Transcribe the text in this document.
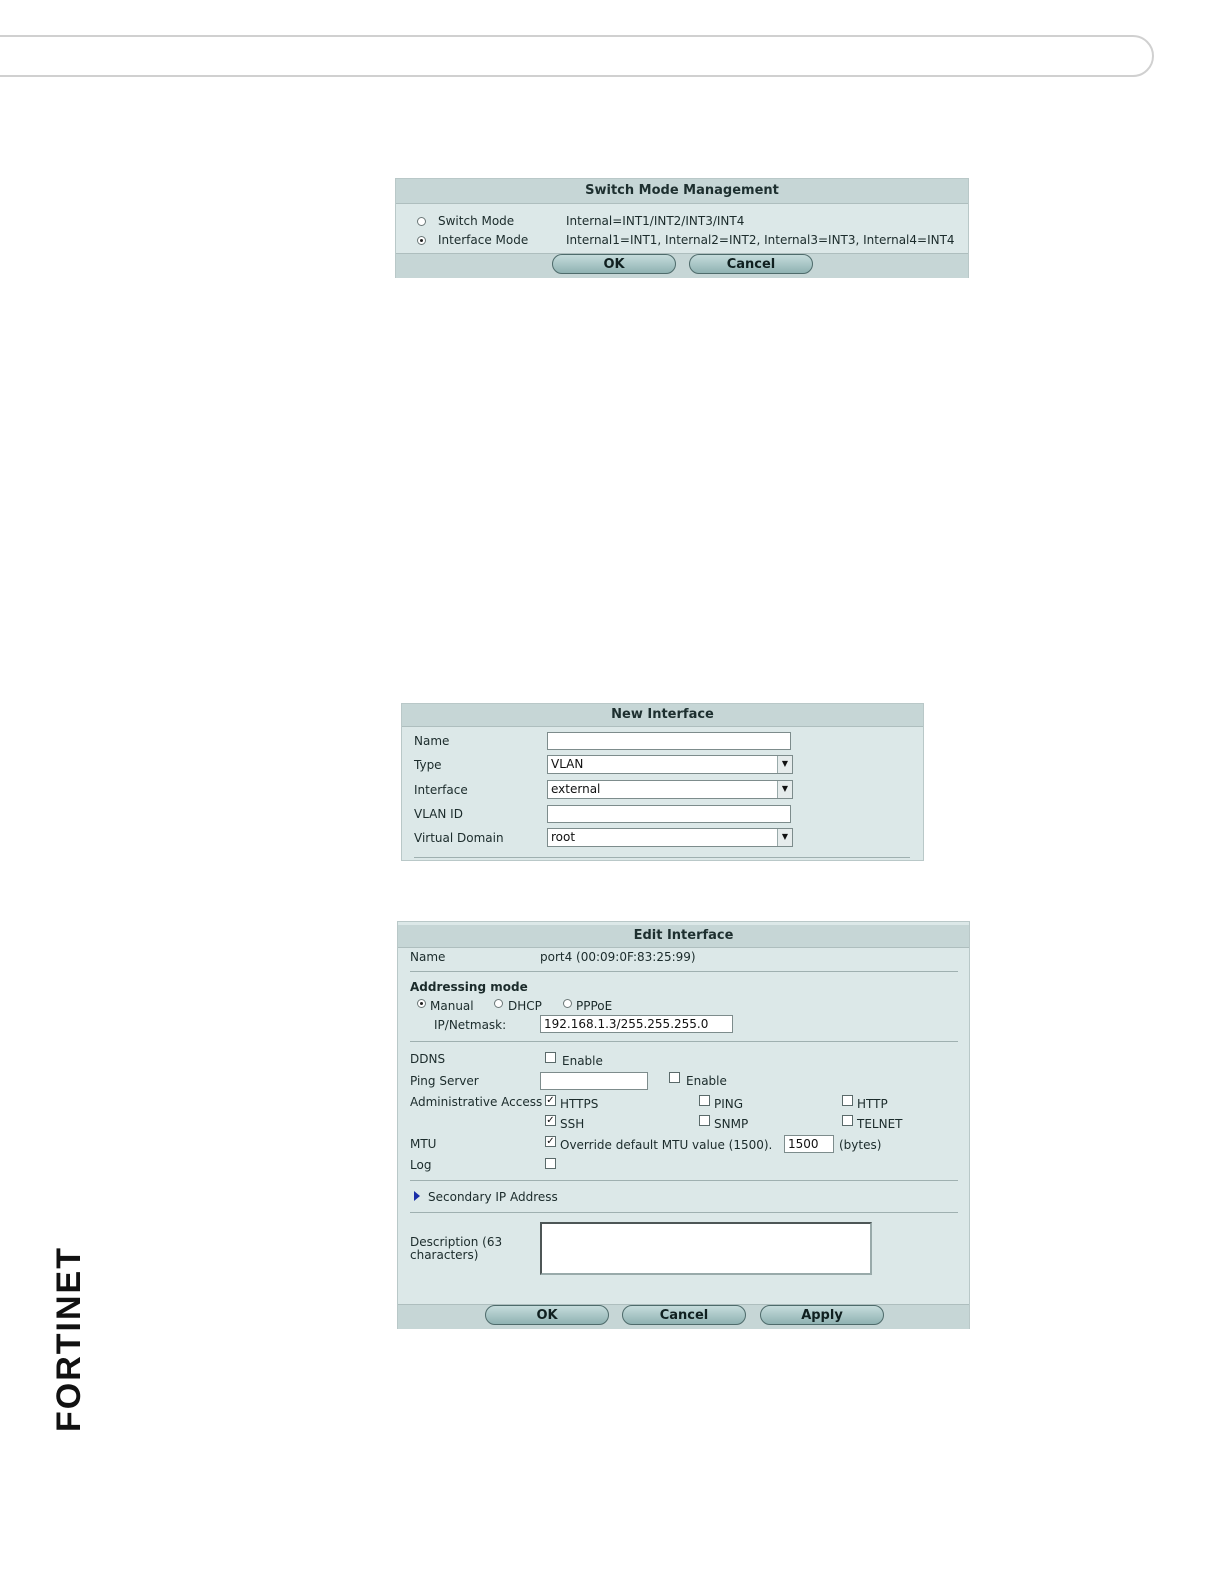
Switch Mode Management
Switch Mode	Internal=INT1/INT2/INT3/INT4
Interface Mode	Internal1=INT1, Internal2=INT2, Internal3=INT3, Internal4=INT4
OK	Cancel
New Interface
Name
Type	VLAN	▼
Interface	external	▼
VLAN ID
Virtual Domain	root	▼
Edit Interface
Name	port4 (00:09:0F:83:25:99)
Addressing mode
Manual	DHCP	PPPoE
IP/Netmask:	192.168.1.3/255.255.255.0
DDNS	Enable
Ping Server	Enable
Administrative Access ✓ HTTPS	PING	HTTP
✓ SSH	SNMP	TELNET
MTU	✓ Override default MTU value (1500).	1500	(bytes)
Log
Secondary IP Address
Description (63
characters)
OK	Cancel	Apply
FORTINET
